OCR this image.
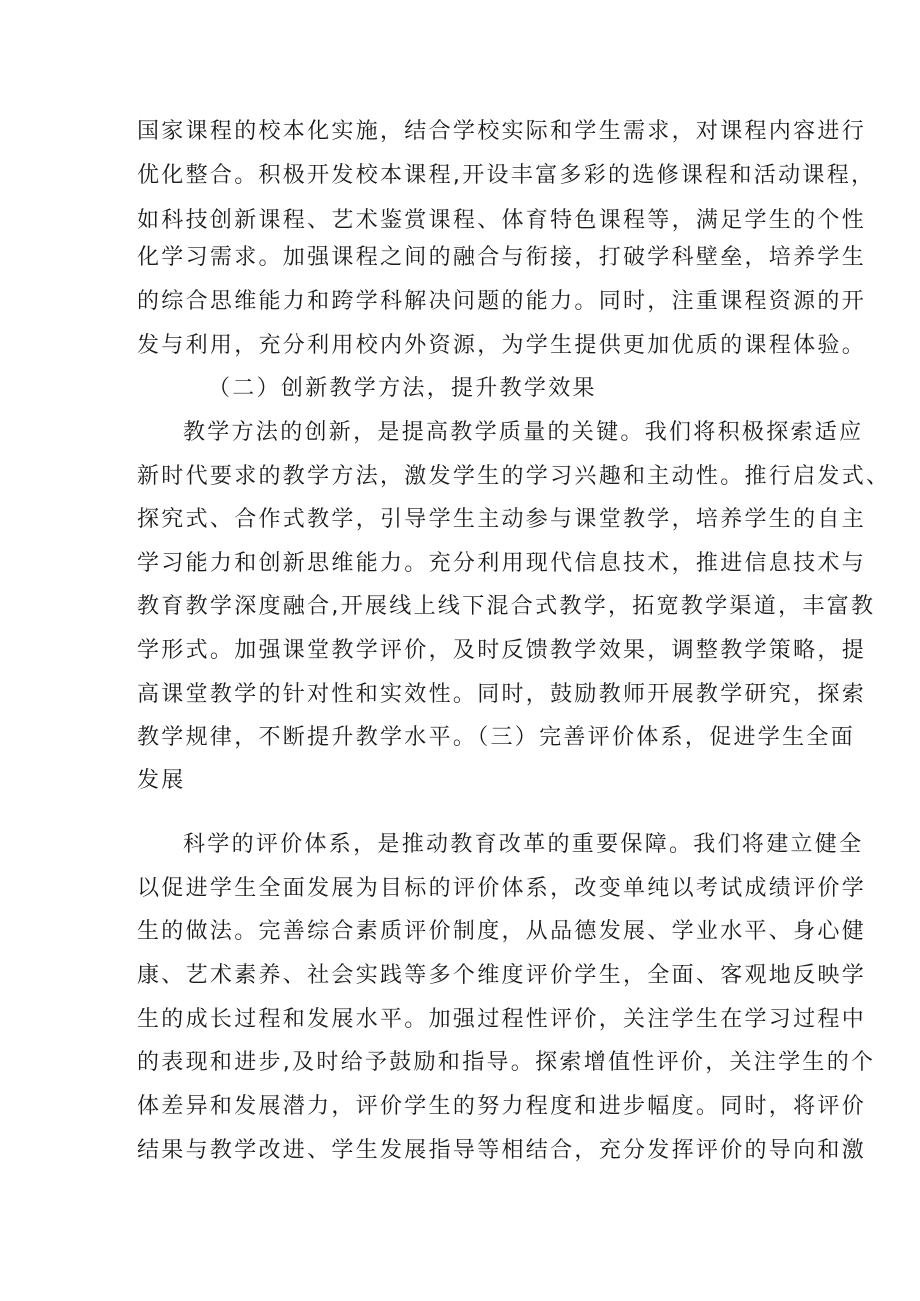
国家课程的校本化实施，结合学校实际和学生需求，对课程内容进行
优化整合。积极开发校本课程,开设丰富多彩的选修课程和活动课程，
如科技创新课程、艺术鉴赏课程、体育特色课程等，满足学生的个性
化学习需求。加强课程之间的融合与衔接，打破学科壁垒，培养学生
的综合思维能力和跨学科解决问题的能力。同时，注重课程资源的开
发与利用，充分利用校内外资源，为学生提供更加优质的课程体验。
（二）创新教学方法，提升教学效果
教学方法的创新，是提高教学质量的关键。我们将积极探索适应
新时代要求的教学方法，激发学生的学习兴趣和主动性。推行启发式、
探究式、合作式教学，引导学生主动参与课堂教学，培养学生的自主
学习能力和创新思维能力。充分利用现代信息技术，推进信息技术与
教育教学深度融合,开展线上线下混合式教学，拓宽教学渠道，丰富教
学形式。加强课堂教学评价，及时反馈教学效果，调整教学策略，提
高课堂教学的针对性和实效性。同时，鼓励教师开展教学研究，探索
教学规律，不断提升教学水平。（三）完善评价体系，促进学生全面
发展
科学的评价体系，是推动教育改革的重要保障。我们将建立健全
以促进学生全面发展为目标的评价体系，改变单纯以考试成绩评价学
生的做法。完善综合素质评价制度，从品德发展、学业水平、身心健
康、艺术素养、社会实践等多个维度评价学生，全面、客观地反映学
生的成长过程和发展水平。加强过程性评价，关注学生在学习过程中
的表现和进步,及时给予鼓励和指导。探索增值性评价，关注学生的个
体差异和发展潜力，评价学生的努力程度和进步幅度。同时，将评价
结果与教学改进、学生发展指导等相结合，充分发挥评价的导向和激
